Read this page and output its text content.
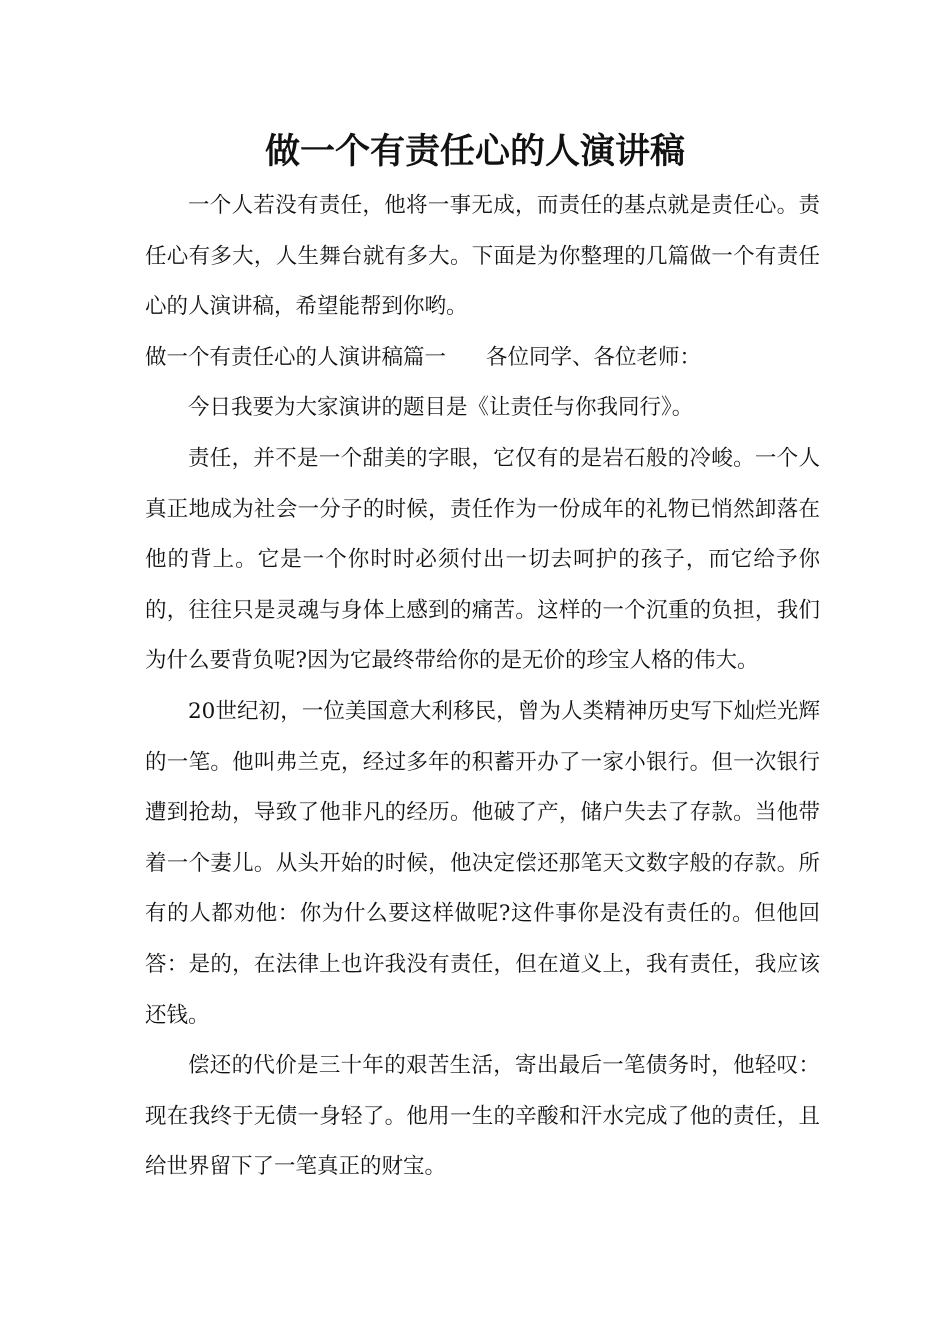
做一个有责任心的人演讲稿

一个人若没有责任，他将一事无成，而责任的基点就是责任心。责任心有多大，人生舞台就有多大。下面是为你整理的几篇做一个有责任心的人演讲稿，希望能帮到你哟。

做一个有责任心的人演讲稿篇一 各位同学、各位老师：

今日我要为大家演讲的题目是《让责任与你我同行》。

责任，并不是一个甜美的字眼，它仅有的是岩石般的冷峻。一个人真正地成为社会一分子的时候，责任作为一份成年的礼物已悄然卸落在他的背上。它是一个你时时必须付出一切去呵护的孩子，而它给予你的，往往只是灵魂与身体上感到的痛苦。这样的一个沉重的负担，我们为什么要背负呢?因为它最终带给你的是无价的珍宝人格的伟大。

20世纪初，一位美国意大利移民，曾为人类精神历史写下灿烂光辉的一笔。他叫弗兰克，经过多年的积蓄开办了一家小银行。但一次银行遭到抢劫，导致了他非凡的经历。他破了产，储户失去了存款。当他带着一个妻儿。从头开始的时候，他决定偿还那笔天文数字般的存款。所有的人都劝他：你为什么要这样做呢?这件事你是没有责任的。但他回答：是的，在法律上也许我没有责任，但在道义上，我有责任，我应该还钱。

偿还的代价是三十年的艰苦生活，寄出最后一笔债务时，他轻叹：现在我终于无债一身轻了。他用一生的辛酸和汗水完成了他的责任，且给世界留下了一笔真正的财宝。
